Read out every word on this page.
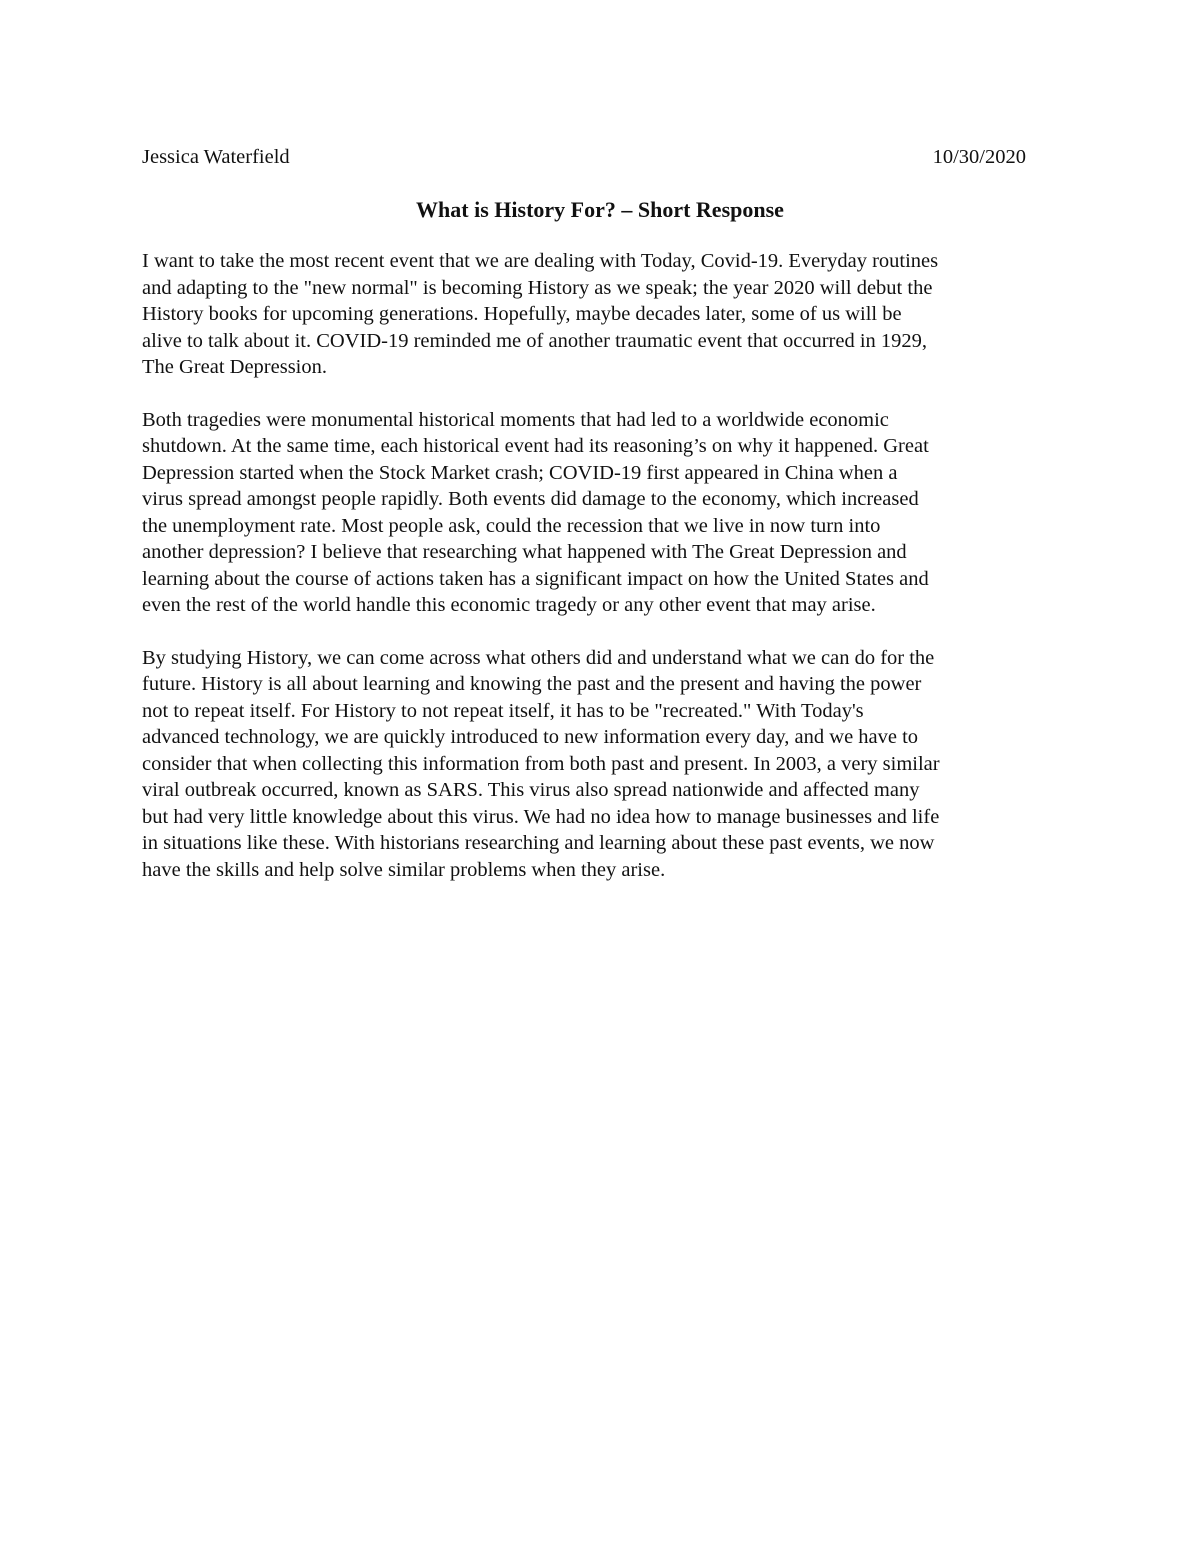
Jessica Waterfield	10/30/2020
What is History For? – Short Response

I want to take the most recent event that we are dealing with Today, Covid-19. Everyday routines
and adapting to the "new normal" is becoming History as we speak; the year 2020 will debut the
History books for upcoming generations. Hopefully, maybe decades later, some of us will be
alive to talk about it. COVID-19 reminded me of another traumatic event that occurred in 1929,
The Great Depression.

Both tragedies were monumental historical moments that had led to a worldwide economic
shutdown. At the same time, each historical event had its reasoning’s on why it happened. Great
Depression started when the Stock Market crash; COVID-19 first appeared in China when a
virus spread amongst people rapidly. Both events did damage to the economy, which increased
the unemployment rate. Most people ask, could the recession that we live in now turn into
another depression? I believe that researching what happened with The Great Depression and
learning about the course of actions taken has a significant impact on how the United States and
even the rest of the world handle this economic tragedy or any other event that may arise.

By studying History, we can come across what others did and understand what we can do for the
future. History is all about learning and knowing the past and the present and having the power
not to repeat itself. For History to not repeat itself, it has to be "recreated." With Today's
advanced technology, we are quickly introduced to new information every day, and we have to
consider that when collecting this information from both past and present. In 2003, a very similar
viral outbreak occurred, known as SARS. This virus also spread nationwide and affected many
but had very little knowledge about this virus. We had no idea how to manage businesses and life
in situations like these. With historians researching and learning about these past events, we now
have the skills and help solve similar problems when they arise.
